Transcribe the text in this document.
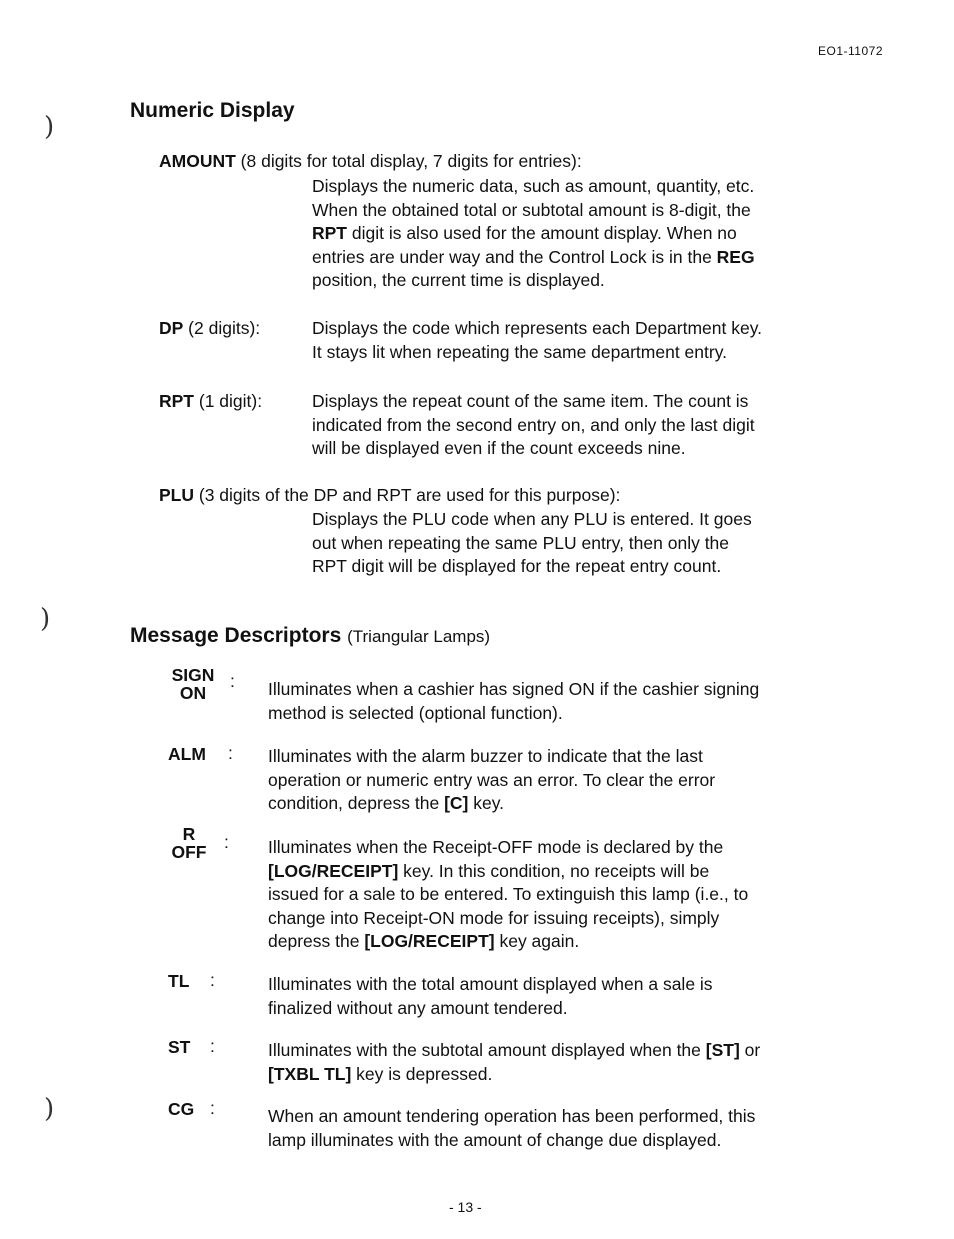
)
)
)
EO1-11072
Numeric Display
AMOUNT (8 digits for total display, 7 digits for entries):
Displays the numeric data, such as amount, quantity, etc.
When the obtained total or subtotal amount is 8-digit, the
RPT digit is also used for the amount display. When no
entries are under way and the Control Lock is in the REG
position, the current time is displayed.
DP (2 digits):	Displays the code which represents each Department key.
It stays lit when repeating the same department entry.
RPT (1 digit):	Displays the repeat count of the same item. The count is
indicated from the second entry on, and only the last digit
will be displayed even if the count exceeds nine.
PLU (3 digits of the DP and RPT are used for this purpose):
Displays the PLU code when any PLU is entered. It goes
out when repeating the same PLU entry, then only the
RPT digit will be displayed for the repeat entry count.
Message Descriptors (Triangular Lamps)
SIGN
ON
: Illuminates when a cashier has signed ON if the cashier signing
method is selected (optional function).
ALM : Illuminates with the alarm buzzer to indicate that the last
operation or numeric entry was an error. To clear the error
condition, depress the [C] key.
R
OFF	: Illuminates when the Receipt-OFF mode is declared by the
[LOG/RECEIPT] key. In this condition, no receipts will be
issued for a sale to be entered. To extinguish this lamp (i.e., to
change into Receipt-ON mode for issuing receipts), simply
depress the [LOG/RECEIPT] key again.
TL :	Illuminates with the total amount displayed when a sale is
finalized without any amount tendered.
ST :	Illuminates with the subtotal amount displayed when the [ST] or
[TXBL TL] key is depressed.
CG :	When an amount tendering operation has been performed, this
lamp illuminates with the amount of change due displayed.
- 13 -
